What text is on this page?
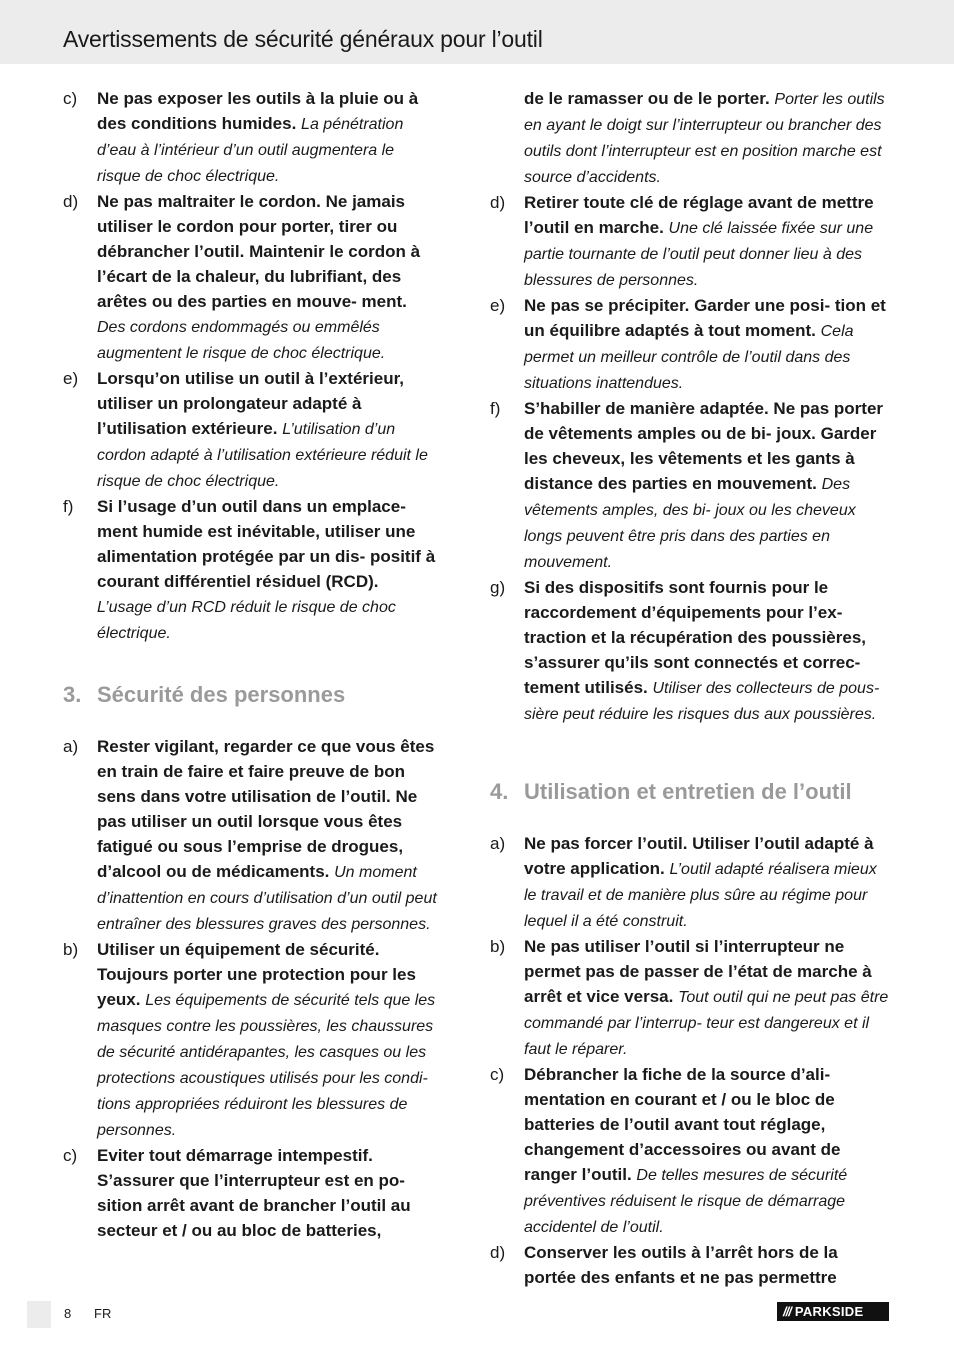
Avertissements de sécurité généraux pour l’outil
c)	Ne pas exposer les outils à la pluie ou à des conditions humides. La pénétration d’eau à l’intérieur d’un outil augmentera le risque de choc électrique.
d)	Ne pas maltraiter le cordon. Ne jamais utiliser le cordon pour porter, tirer ou débrancher l’outil. Maintenir le cordon à l’écart de la chaleur, du lubrifiant, des arêtes ou des parties en mouve- ment. Des cordons endommagés ou emmêlés augmentent le risque de choc électrique.
e)	Lorsqu’on utilise un outil à l’extérieur, utiliser un prolongateur adapté à l’utilisation extérieure. L’utilisation d’un cordon adapté à l’utilisation extérieure réduit le risque de choc électrique.
f)	Si l’usage d’un outil dans un emplace- ment humide est inévitable, utiliser une alimentation protégée par un dis- positif à courant différentiel résiduel (RCD). L’usage d’un RCD réduit le risque de choc électrique.
3. Sécurité des personnes
a)	Rester vigilant, regarder ce que vous êtes en train de faire et faire preuve de bon sens dans votre utilisation de l’outil. Ne pas utiliser un outil lorsque vous êtes fatigué ou sous l’emprise de drogues, d’alcool ou de médicaments. Un moment d’inattention en cours d’utilisation d’un outil peut entraîner des blessures graves des personnes.
b)	Utiliser un équipement de sécurité. Toujours porter une protection pour les yeux. Les équipements de sécurité tels que les masques contre les poussières, les chaussures de sécurité antidérapantes, les casques ou les protections acoustiques utilisés pour les condi- tions appropriées réduiront les blessures de personnes.
c)	Eviter tout démarrage intempestif. S’assurer que l’interrupteur est en po- sition arrêt avant de brancher l’outil au secteur et / ou au bloc de batteries,
de le ramasser ou de le porter. Porter les outils en ayant le doigt sur l’interrupteur ou brancher des outils dont l’interrupteur est en position marche est source d’accidents.
d)	Retirer toute clé de réglage avant de mettre l’outil en marche. Une clé laissée fixée sur une partie tournante de l’outil peut donner lieu à des blessures de personnes.
e)	Ne pas se précipiter. Garder une posi- tion et un équilibre adaptés à tout moment. Cela permet un meilleur contrôle de l’outil dans des situations inattendues.
f)	S’habiller de manière adaptée. Ne pas porter de vêtements amples ou de bi- joux. Garder les cheveux, les vêtements et les gants à distance des parties en mouvement. Des vêtements amples, des bi- joux ou les cheveux longs peuvent être pris dans des parties en mouvement.
g)	Si des dispositifs sont fournis pour le raccordement d’équipements pour l’ex- traction et la récupération des poussières, s’assurer qu’ils sont connectés et correc- tement utilisés. Utiliser des collecteurs de pous- sière peut réduire les risques dus aux poussières.
4. Utilisation et entretien de l’outil
a)	Ne pas forcer l’outil. Utiliser l’outil adapté à votre application. L’outil adapté réalisera mieux le travail et de manière plus sûre au régime pour lequel il a été construit.
b)	Ne pas utiliser l’outil si l’interrupteur ne permet pas de passer de l’état de marche à arrêt et vice versa. Tout outil qui ne peut pas être commandé par l’interrup- teur est dangereux et il faut le réparer.
c)	Débrancher la fiche de la source d’ali- mentation en courant et / ou le bloc de batteries de l’outil avant tout réglage, changement d’accessoires ou avant de ranger l’outil. De telles mesures de sécurité préventives réduisent le risque de démarrage accidentel de l’outil.
d)	Conserver les outils à l’arrêt hors de la portée des enfants et ne pas permettre
8 FR	/// PARKSIDE
